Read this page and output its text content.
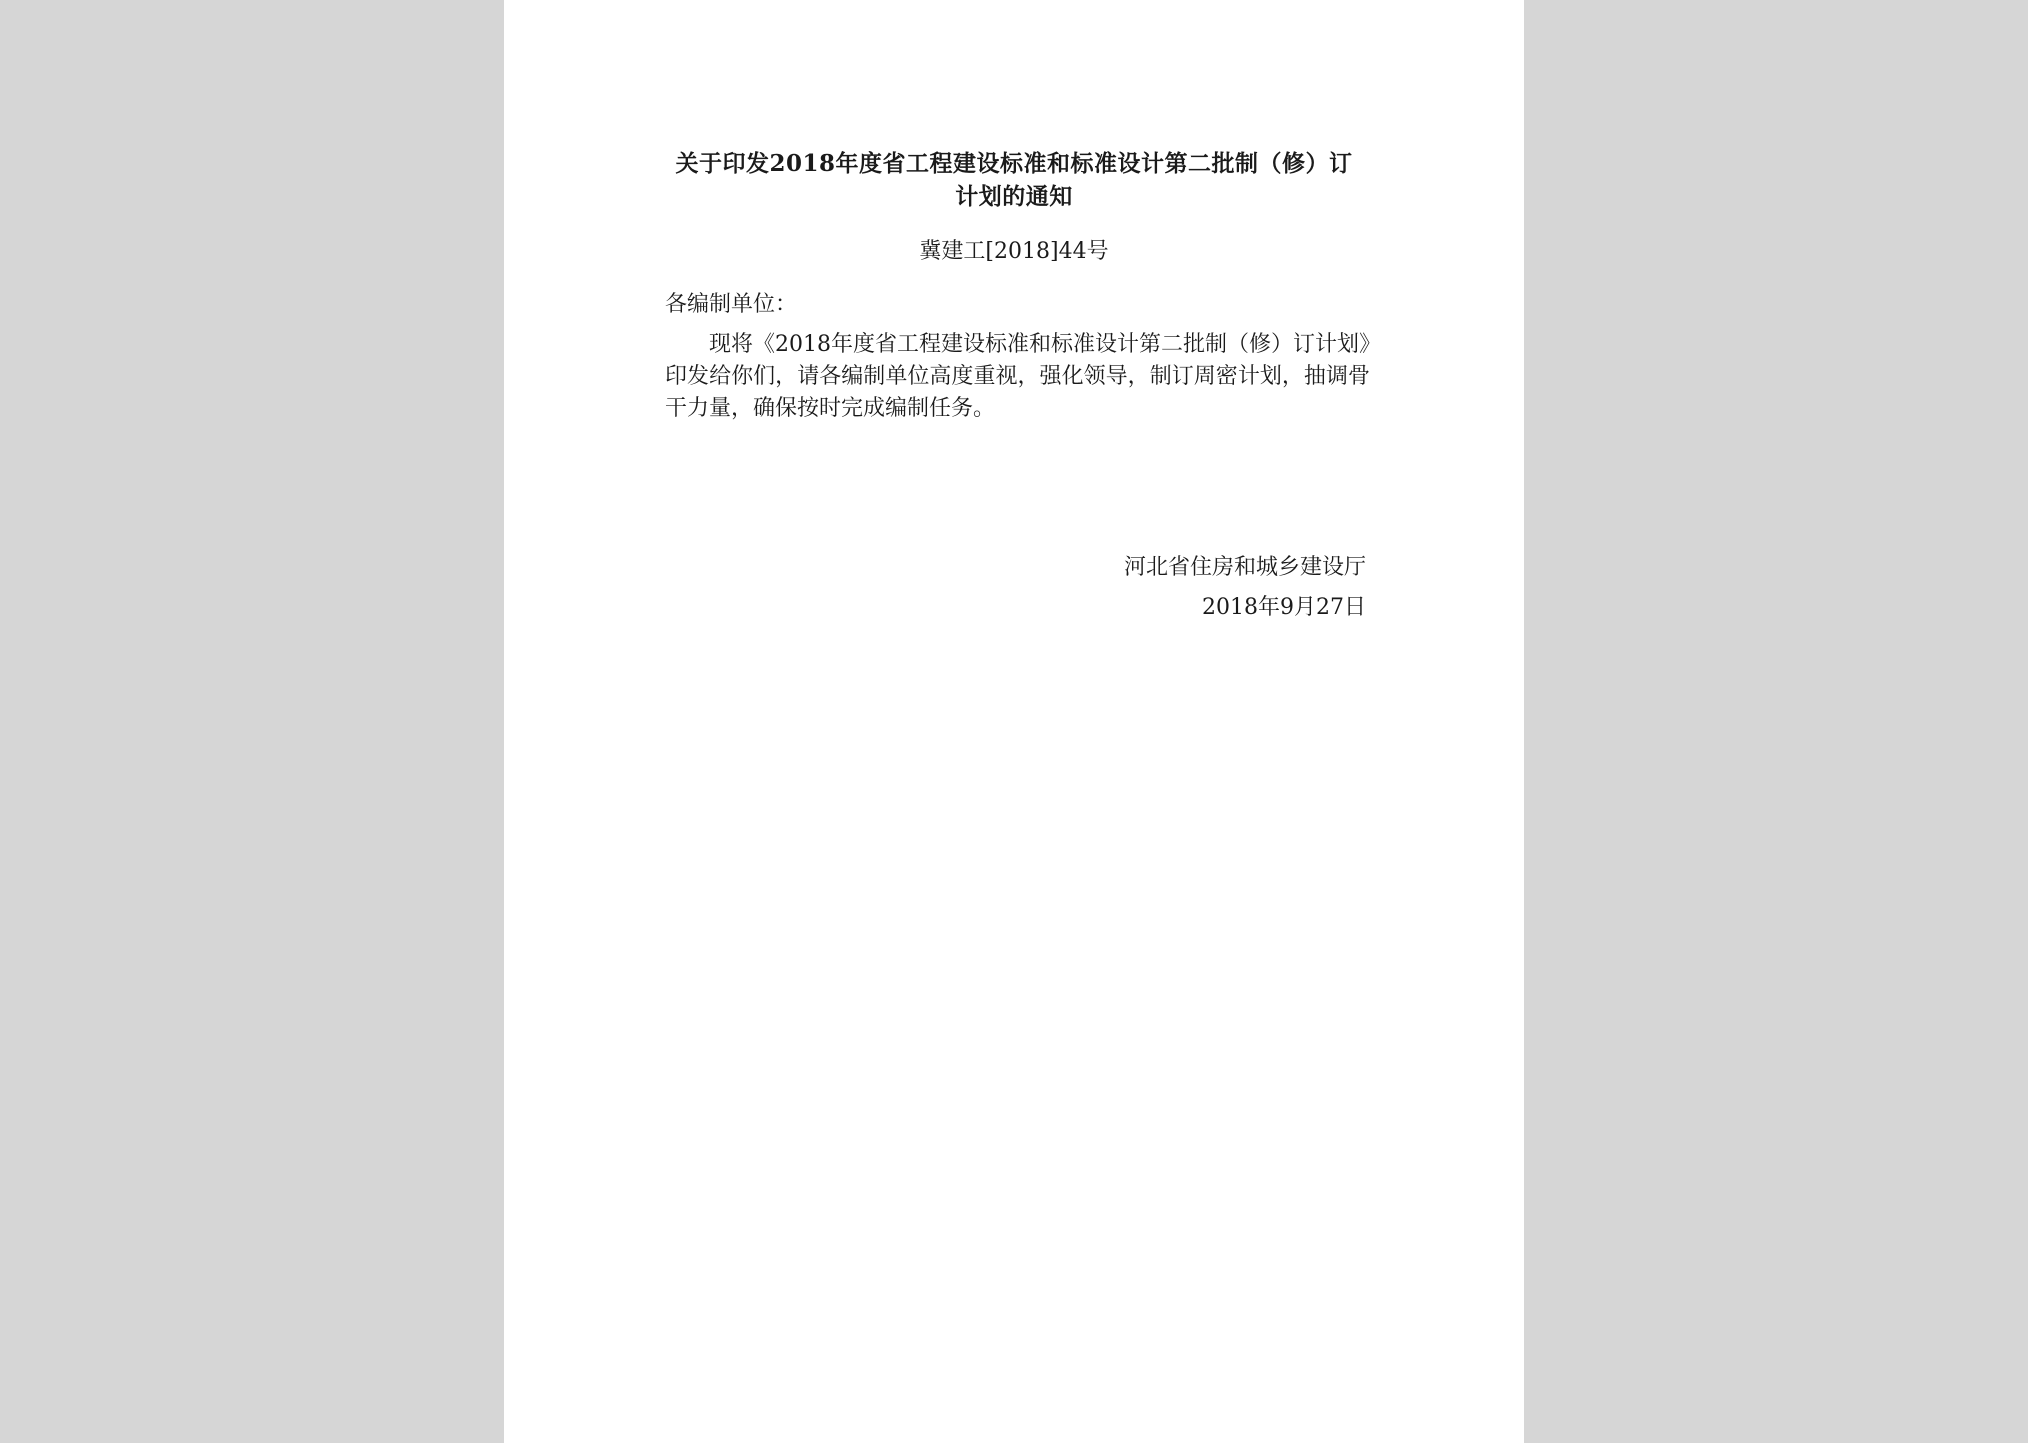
关于印发2018年度省工程建设标准和标准设计第二批制（修）订
计划的通知
冀建工[2018]44号
各编制单位：

现将《2018年度省工程建设标准和标准设计第二批制（修）订计划》印发给你们，请各编制单位高度重视，强化领导，制订周密计划，抽调骨干力量，确保按时完成编制任务。

河北省住房和城乡建设厅
2018年9月27日
